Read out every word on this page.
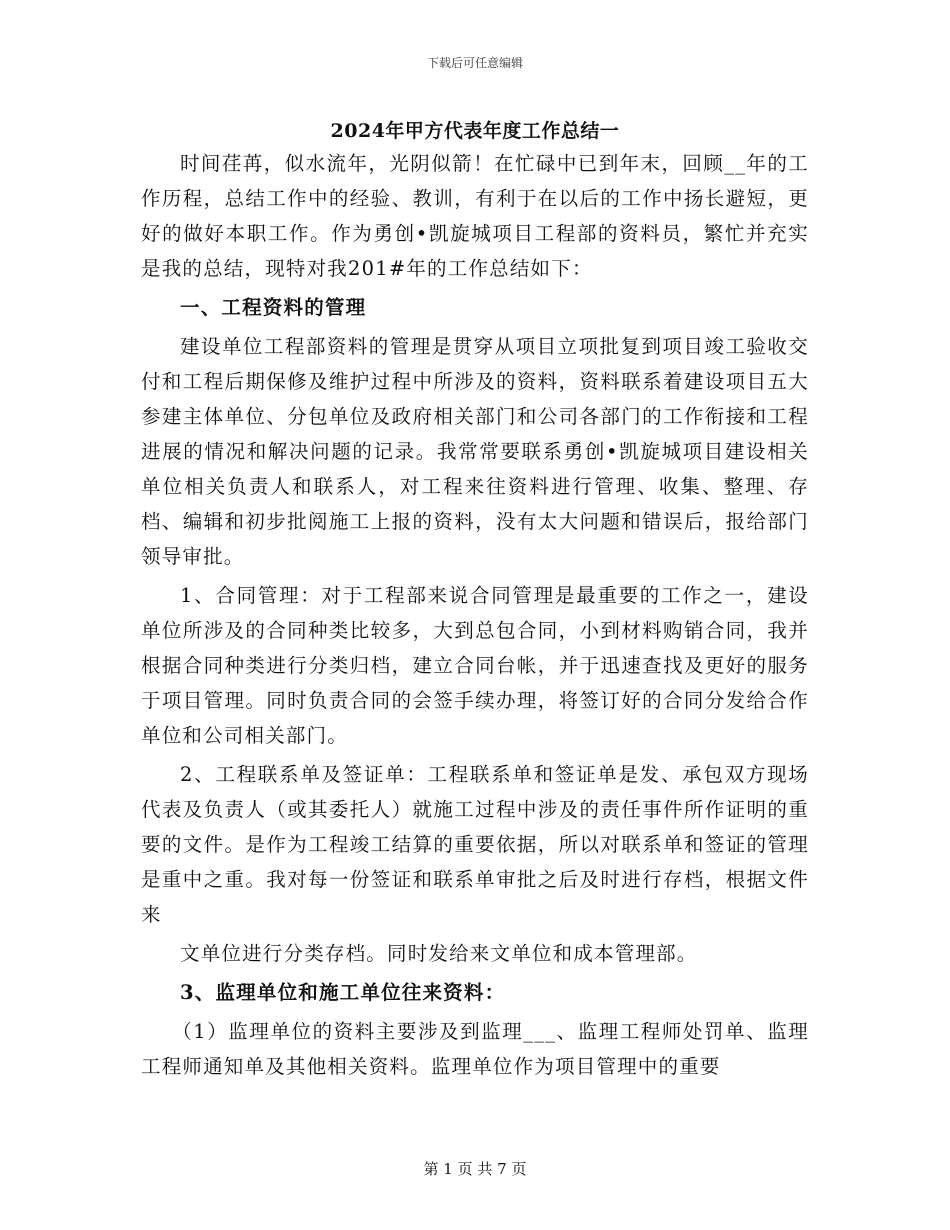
下载后可任意编辑
2024年甲方代表年度工作总结一

时间荏苒，似水流年，光阴似箭！在忙碌中已到年末，回顾__年的工作历程，总结工作中的经验、教训，有利于在以后的工作中扬长避短，更好的做好本职工作。作为勇创•凯旋城项目工程部的资料员，繁忙并充实是我的总结，现特对我201#年的工作总结如下：

一、工程资料的管理

建设单位工程部资料的管理是贯穿从项目立项批复到项目竣工验收交付和工程后期保修及维护过程中所涉及的资料，资料联系着建设项目五大参建主体单位、分包单位及政府相关部门和公司各部门的工作衔接和工程进展的情况和解决问题的记录。我常常要联系勇创•凯旋城项目建设相关单位相关负责人和联系人，对工程来往资料进行管理、收集、整理、存档、编辑和初步批阅施工上报的资料，没有太大问题和错误后，报给部门领导审批。

1、合同管理：对于工程部来说合同管理是最重要的工作之一，建设单位所涉及的合同种类比较多，大到总包合同，小到材料购销合同，我并根据合同种类进行分类归档，建立合同台帐，并于迅速查找及更好的服务于项目管理。同时负责合同的会签手续办理，将签订好的合同分发给合作单位和公司相关部门。

2、工程联系单及签证单：工程联系单和签证单是发、承包双方现场代表及负责人（或其委托人）就施工过程中涉及的责任事件所作证明的重要的文件。是作为工程竣工结算的重要依据，所以对联系单和签证的管理是重中之重。我对每一份签证和联系单审批之后及时进行存档，根据文件来

文单位进行分类存档。同时发给来文单位和成本管理部。

3、监理单位和施工单位往来资料：

（1）监理单位的资料主要涉及到监理___、监理工程师处罚单、监理工程师通知单及其他相关资料。监理单位作为项目管理中的重要

第 1 页 共 7 页
